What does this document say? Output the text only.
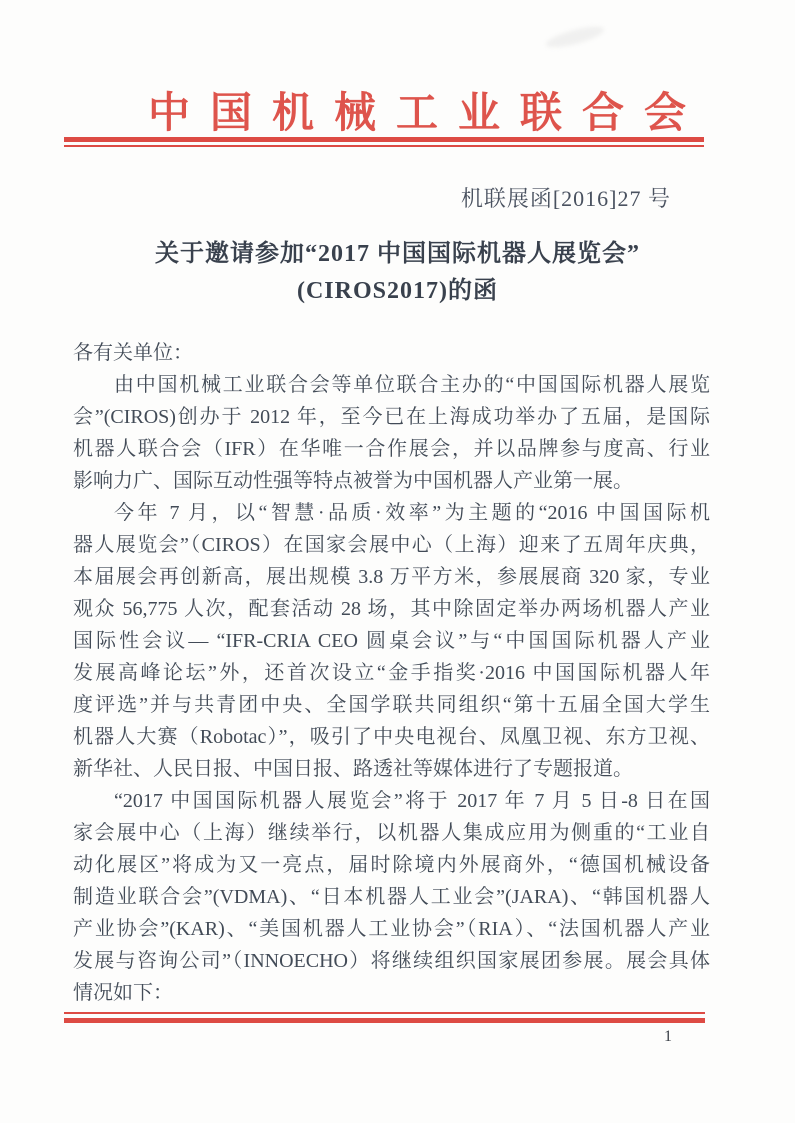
中国机械工业联合会
机联展函[2016]27 号
关于邀请参加“2017 中国国际机器人展览会”
(CIROS2017)的函
各有关单位：
由中国机械工业联合会等单位联合主办的“中国国际机器人展览
会”(CIROS)创办于 2012 年，至今已在上海成功举办了五届，是国际
机器人联合会（IFR）在华唯一合作展会，并以品牌参与度高、行业
影响力广、国际互动性强等特点被誉为中国机器人产业第一展。
今年 7 月，以“智慧·品质·效率”为主题的“2016 中国国际机
器人展览会”（CIROS）在国家会展中心（上海）迎来了五周年庆典，
本届展会再创新高，展出规模 3.8 万平方米，参展展商 320 家，专业
观众 56,775 人次，配套活动 28 场，其中除固定举办两场机器人产业
国际性会议— “IFR-CRIA CEO 圆桌会议”与“中国国际机器人产业
发展高峰论坛”外，还首次设立“金手指奖·2016 中国国际机器人年
度评选”并与共青团中央、全国学联共同组织“第十五届全国大学生
机器人大赛（Robotac）”，吸引了中央电视台、凤凰卫视、东方卫视、
新华社、人民日报、中国日报、路透社等媒体进行了专题报道。
“2017 中国国际机器人展览会”将于 2017 年 7 月 5 日-8 日在国
家会展中心（上海）继续举行，以机器人集成应用为侧重的“工业自
动化展区”将成为又一亮点，届时除境内外展商外，“德国机械设备
制造业联合会”(VDMA)、“日本机器人工业会”(JARA)、“韩国机器人
产业协会”(KAR)、“美国机器人工业协会”（RIA）、“法国机器人产业
发展与咨询公司”（INNOECHO）将继续组织国家展团参展。展会具体
情况如下：
1
